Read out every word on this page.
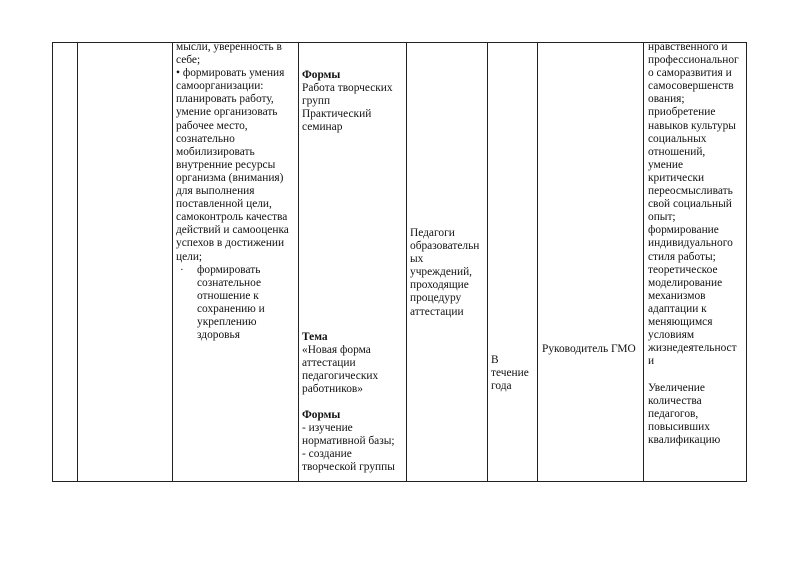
мысли, уверенность в
себе;
• формировать умения
самоорганизации:
планировать работу,
умение организовать
рабочее место,
сознательно
мобилизировать
внутренние ресурсы
организма (внимания)
для выполнения
поставленной цели,
самоконтроль качества
действий и самооценка
успехов в достижении
цели;
· формировать
сознательное
отношение к
сохранению и
укреплению
здоровья
Формы
Работа творческих
групп
Практический
семинар
Тема
«Новая форма
аттестации
педагогических
работников»
Формы
- изучение
нормативной базы;
- создание
творческой группы
Педагоги
образовательн
ых
учреждений,
проходящие
процедуру
аттестации
В
течение
года
Руководитель ГМО
нравственного и
профессиональног
о саморазвития и
самосовершенств
ования;
приобретение
навыков культуры
социальных
отношений,
умение
критически
переосмысливать
свой социальный
опыт;
формирование
индивидуального
стиля работы;
теоретическое
моделирование
механизмов
адаптации к
меняющимся
условиям
жизнедеятельност
и
Увеличение
количества
педагогов,
повысивших
квалификацию
